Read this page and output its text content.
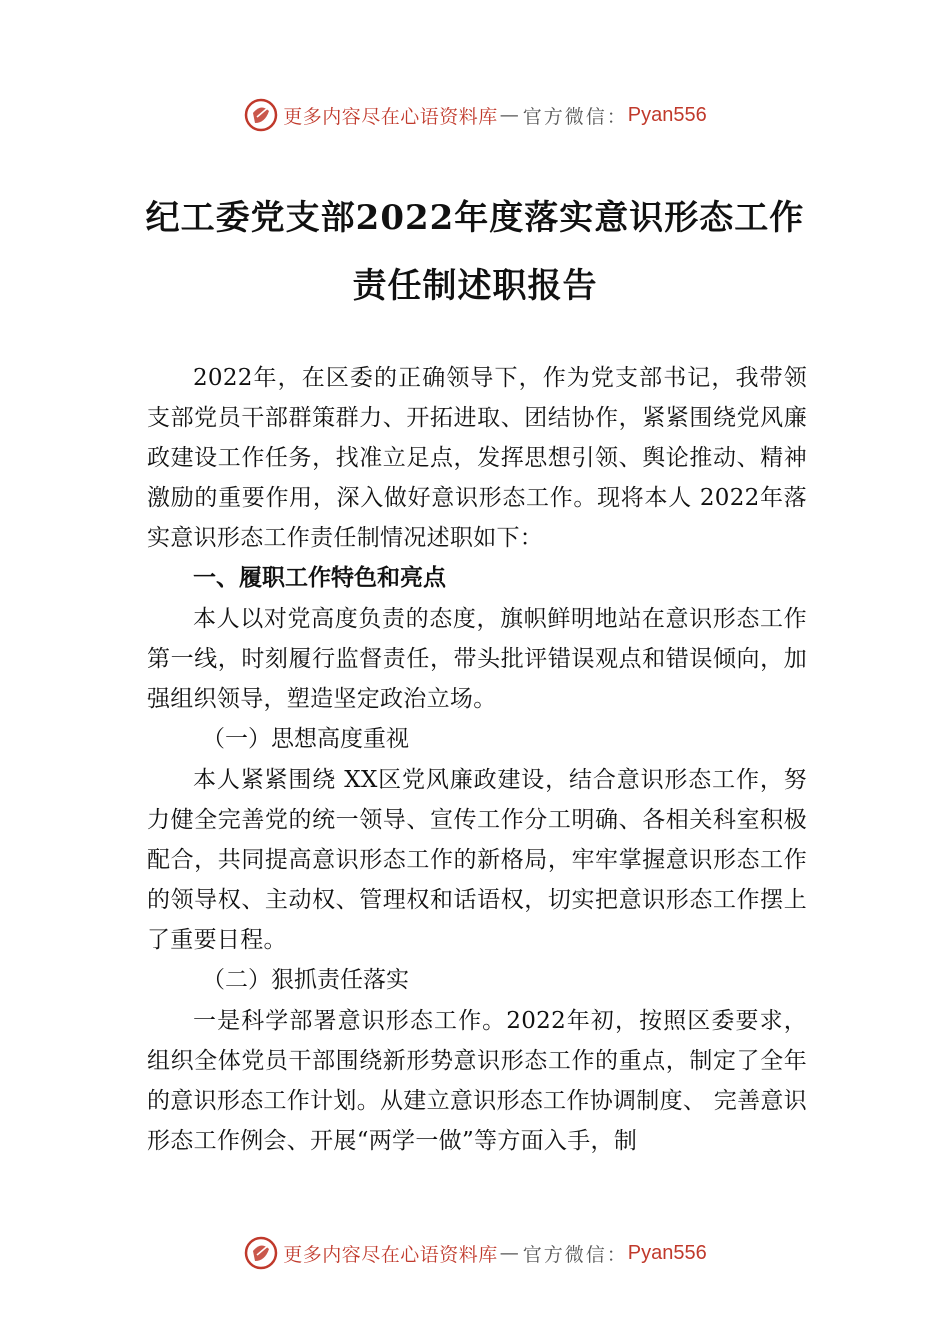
更多内容尽在心语资料库 — 官方微信： Pyan556
纪工委党支部2022年度落实意识形态工作
责任制述职报告

2022年，在区委的正确领导下，作为党支部书记，我带领支部党员干部群策群力、开拓进取、团结协作，紧紧围绕党风廉政建设工作任务，找准立足点，发挥思想引领、舆论推动、精神激励的重要作用，深入做好意识形态工作。现将本人 2022年落实意识形态工作责任制情况述职如下：

一、履职工作特色和亮点

本人以对党高度负责的态度，旗帜鲜明地站在意识形态工作第一线，时刻履行监督责任，带头批评错误观点和错误倾向，加强组织领导，塑造坚定政治立场。

（一）思想高度重视

本人紧紧围绕 XX区党风廉政建设，结合意识形态工作，努力健全完善党的统一领导、宣传工作分工明确、各相关科室积极配合，共同提高意识形态工作的新格局，牢牢掌握意识形态工作的领导权、主动权、管理权和话语权，切实把意识形态工作摆上了重要日程。

（二）狠抓责任落实

一是科学部署意识形态工作。2022年初，按照区委要求，组织全体党员干部围绕新形势意识形态工作的重点，制定了全年的意识形态工作计划。从建立意识形态工作协调制度、 完善意识形态工作例会、开展“两学一做”等方面入手，制

更多内容尽在心语资料库 — 官方微信： Pyan556
